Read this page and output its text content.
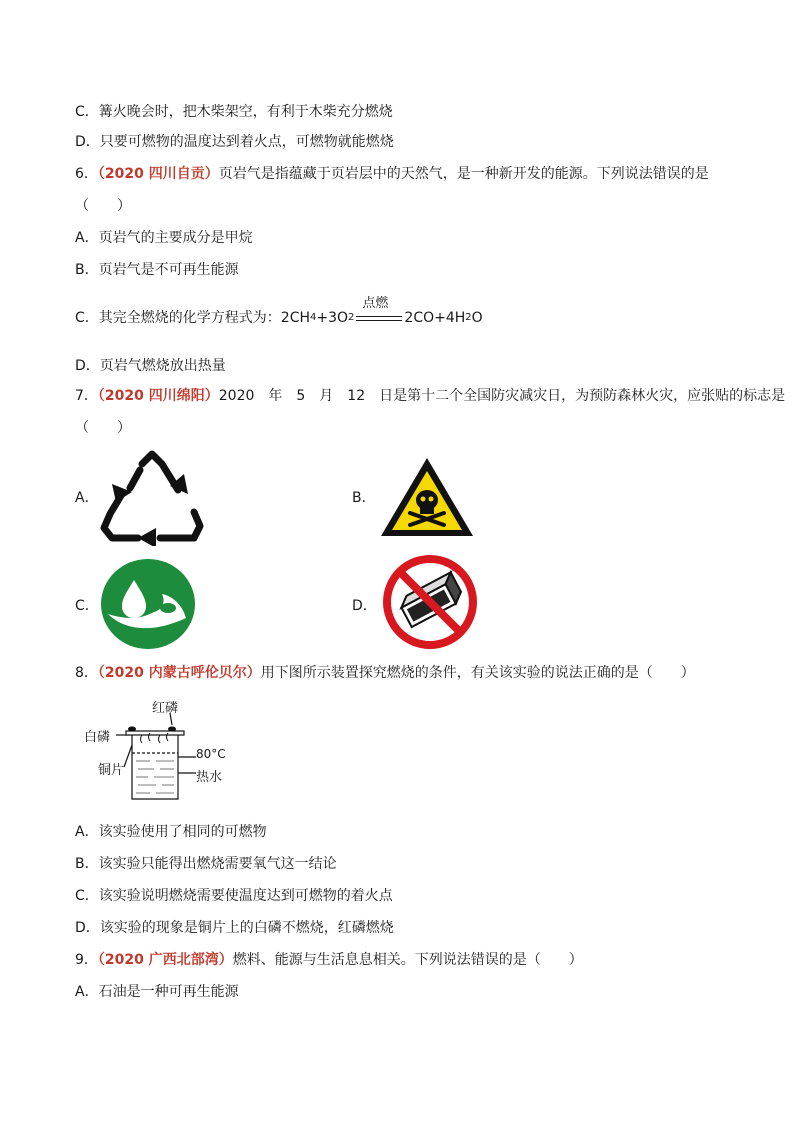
C．篝火晚会时，把木柴架空，有利于木柴充分燃烧
D．只要可燃物的温度达到着火点，可燃物就能燃烧
6．（2020 四川自贡）页岩气是指蕴藏于页岩层中的天然气，是一种新开发的能源。下列说法错误的是
（　　）
A．页岩气的主要成分是甲烷
B．页岩气是不可再生能源
C．其完全燃烧的化学方程式为： 2CH 4 +3O 2
点燃
2CO+4H 2 O
D．页岩气燃烧放出热量
7．（2020 四川绵阳）2020　年　5　月　12　日是第十二个全国防灾减灾日，为预防森林火灾，应张贴的标志是
（　　）
A．	B．
C．	D．
8．（2020 内蒙古呼伦贝尔）用下图所示装置探究燃烧的条件，有关该实验的说法正确的是（　　）
红磷
白磷
铜片
80°C
热水
A．该实验使用了相同的可燃物
B．该实验只能得出燃烧需要氧气这一结论
C．该实验说明燃烧需要使温度达到可燃物的着火点
D．该实验的现象是铜片上的白磷不燃烧，红磷燃烧
9．（2020 广西北部湾）燃料、能源与生活息息相关。下列说法错误的是（　　）
A．石油是一种可再生能源
